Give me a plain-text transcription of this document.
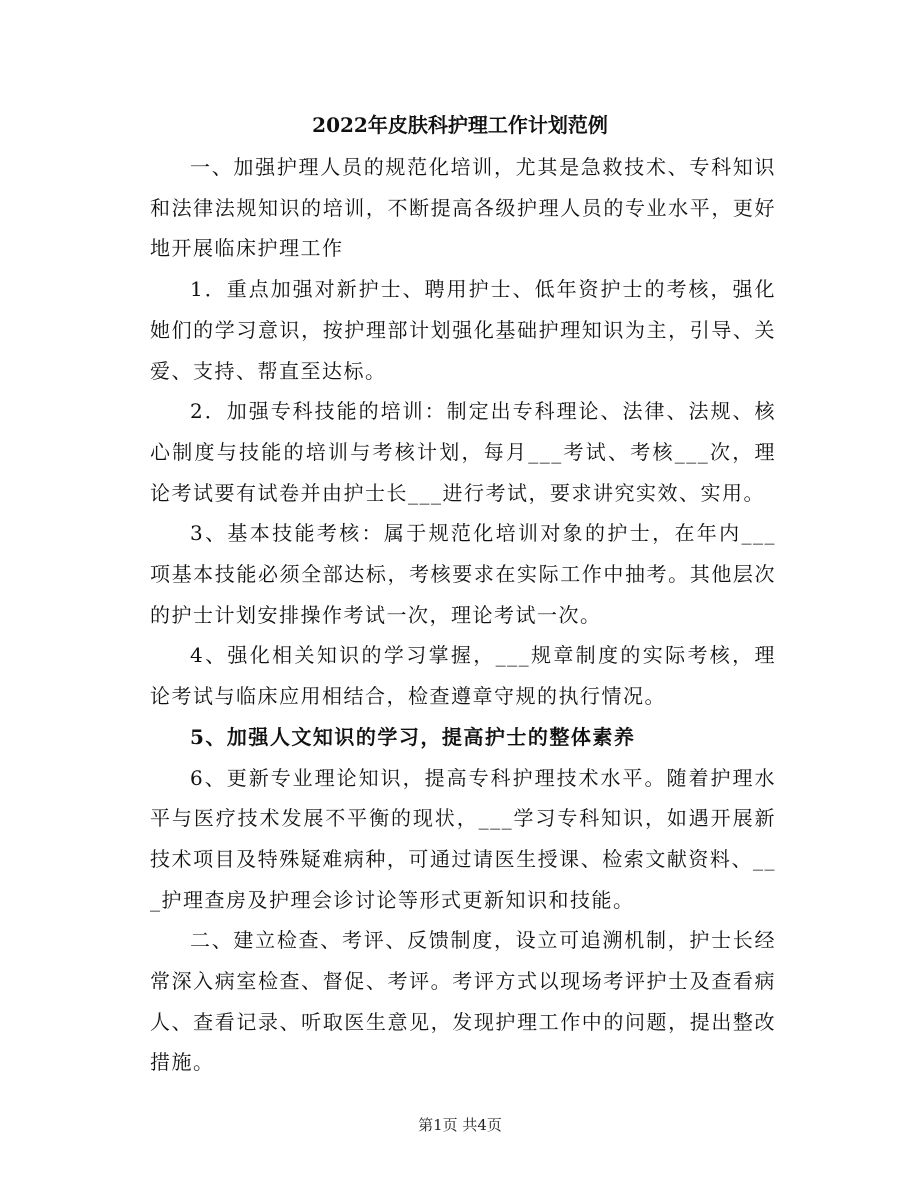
2022年皮肤科护理工作计划范例

一、加强护理人员的规范化培训，尤其是急救技术、专科知识和法律法规知识的培训，不断提高各级护理人员的专业水平，更好地开展临床护理工作

1．重点加强对新护士、聘用护士、低年资护士的考核，强化她们的学习意识，按护理部计划强化基础护理知识为主，引导、关爱、支持、帮直至达标。

2．加强专科技能的培训：制定出专科理论、法律、法规、核心制度与技能的培训与考核计划，每月___考试、考核___次，理论考试要有试卷并由护士长___进行考试，要求讲究实效、实用。

3、基本技能考核：属于规范化培训对象的护士，在年内___项基本技能必须全部达标，考核要求在实际工作中抽考。其他层次的护士计划安排操作考试一次，理论考试一次。

4、强化相关知识的学习掌握，___规章制度的实际考核，理论考试与临床应用相结合，检查遵章守规的执行情况。

5、加强人文知识的学习，提高护士的整体素养

6、更新专业理论知识，提高专科护理技术水平。随着护理水平与医疗技术发展不平衡的现状，___学习专科知识，如遇开展新技术项目及特殊疑难病种，可通过请医生授课、检索文献资料、___护理查房及护理会诊讨论等形式更新知识和技能。

二、建立检查、考评、反馈制度，设立可追溯机制，护士长经常深入病室检查、督促、考评。考评方式以现场考评护士及查看病人、查看记录、听取医生意见，发现护理工作中的问题，提出整改措施。

第1页 共4页
